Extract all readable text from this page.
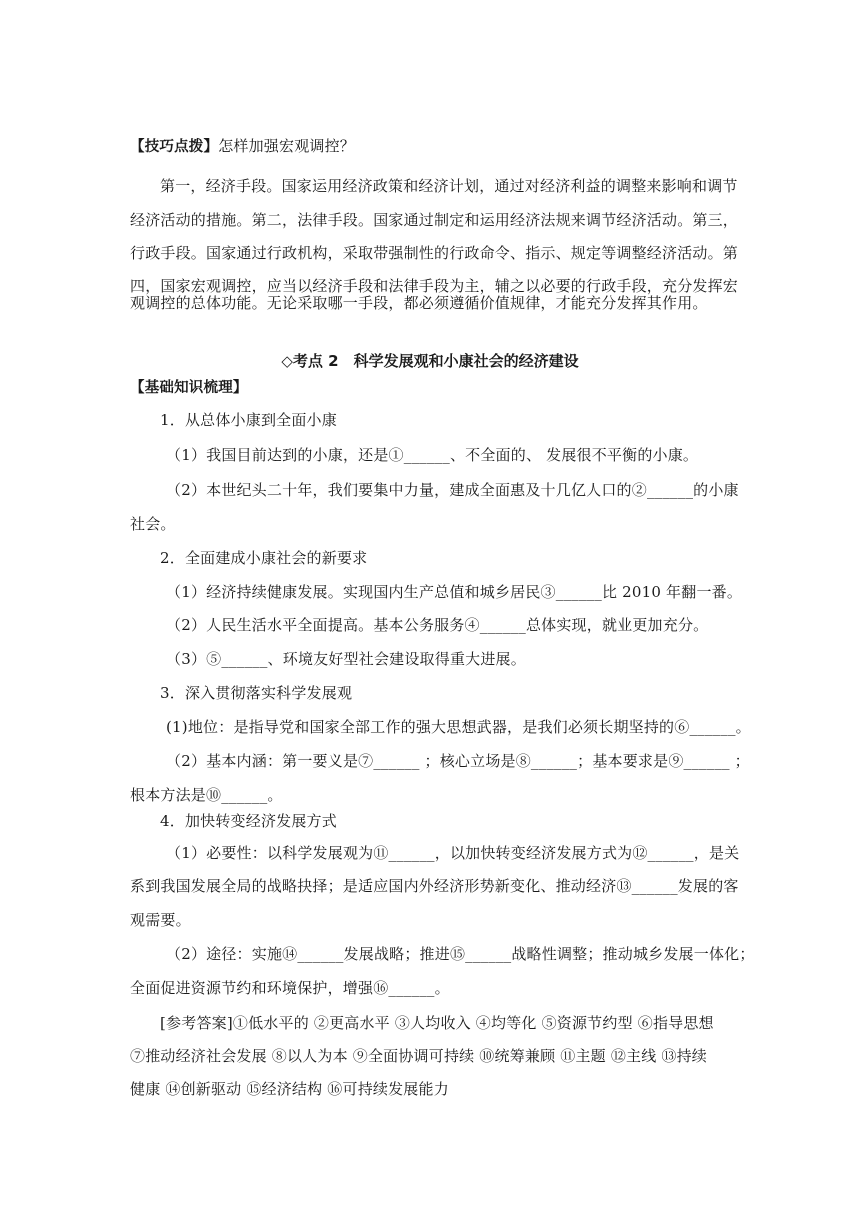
【技巧点拨】怎样加强宏观调控？
第一，经济手段。国家运用经济政策和经济计划，通过对经济利益的调整来影响和调节
经济活动的措施。第二，法律手段。国家通过制定和运用经济法规来调节经济活动。第三，
行政手段。国家通过行政机构，采取带强制性的行政命令、指示、规定等调整经济活动。第
四，国家宏观调控，应当以经济手段和法律手段为主，辅之以必要的行政手段，充分发挥宏
观调控的总体功能。无论采取哪一手段，都必须遵循价值规律，才能充分发挥其作用。
◇考点 2　科学发展观和小康社会的经济建设
【基础知识梳理】
1．从总体小康到全面小康
（1）我国目前达到的小康，还是①______、不全面的、 发展很不平衡的小康。
（2）本世纪头二十年，我们要集中力量，建成全面惠及十几亿人口的②______的小康
社会。
2．全面建成小康社会的新要求
（1）经济持续健康发展。实现国内生产总值和城乡居民③______比 2010 年翻一番。
（2）人民生活水平全面提高。基本公务服务④______总体实现，就业更加充分。
（3）⑤______、环境友好型社会建设取得重大进展。
3．深入贯彻落实科学发展观
(1)地位：是指导党和国家全部工作的强大思想武器，是我们必须长期坚持的⑥______。
（2）基本内涵：第一要义是⑦______ ；核心立场是⑧______；基本要求是⑨______ ；
根本方法是⑩______。
4．加快转变经济发展方式
（1）必要性：以科学发展观为⑪______，以加快转变经济发展方式为⑫______，是关
系到我国发展全局的战略抉择；是适应国内外经济形势新变化、推动经济⑬______发展的客
观需要。
（2）途径：实施⑭______发展战略；推进⑮______战略性调整；推动城乡发展一体化；
全面促进资源节约和环境保护，增强⑯______。
[参考答案]①低水平的 ②更高水平 ③人均收入 ④均等化 ⑤资源节约型 ⑥指导思想
⑦推动经济社会发展 ⑧以人为本 ⑨全面协调可持续 ⑩统筹兼顾 ⑪主题 ⑫主线 ⑬持续
健康 ⑭创新驱动 ⑮经济结构 ⑯可持续发展能力
